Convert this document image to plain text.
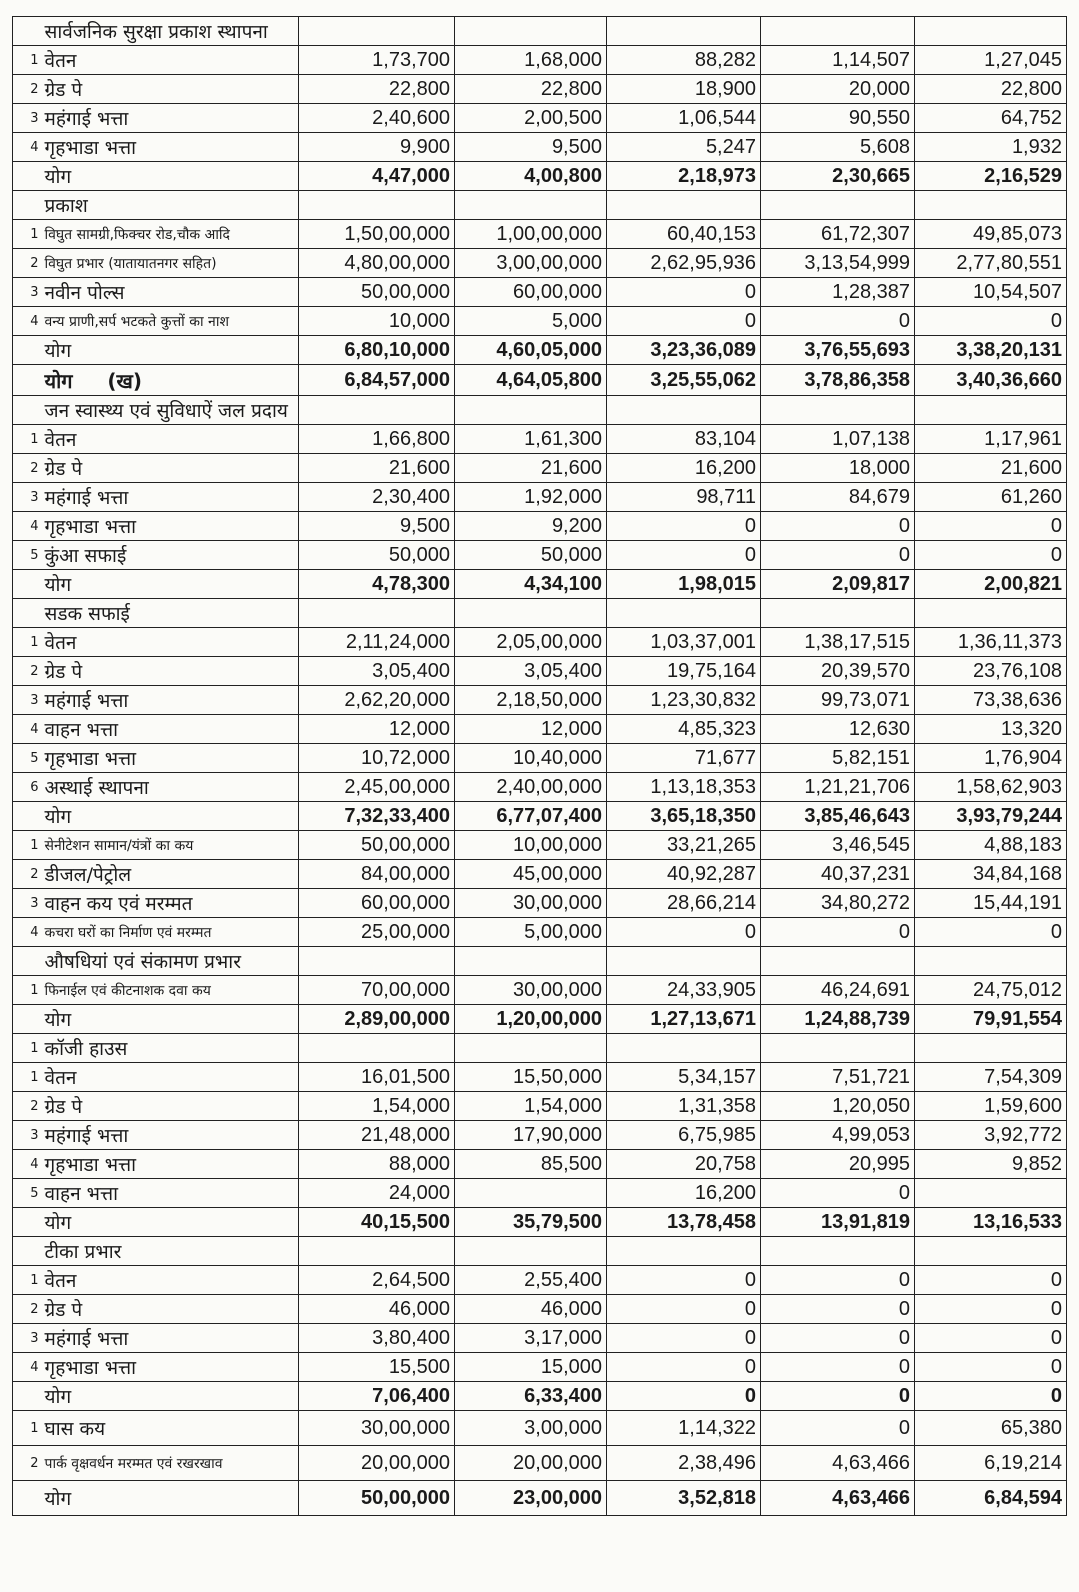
	सार्वजनिक सुरक्षा प्रकाश स्थापना					
1	वेतन	1,73,700	1,68,000	88,282	1,14,507	1,27,045
2	ग्रेड पे	22,800	22,800	18,900	20,000	22,800
3	महंगाई भत्ता	2,40,600	2,00,500	1,06,544	90,550	64,752
4	गृहभाडा भत्ता	9,900	9,500	5,247	5,608	1,932
	योग	4,47,000	4,00,800	2,18,973	2,30,665	2,16,529
	प्रकाश					
1	विघुत सामग्री,फिक्चर रोड,चौक आदि	1,50,00,000	1,00,00,000	60,40,153	61,72,307	49,85,073
2	विघुत प्रभार (यातायातनगर सहित)	4,80,00,000	3,00,00,000	2,62,95,936	3,13,54,999	2,77,80,551
3	नवीन पोल्स	50,00,000	60,00,000	0	1,28,387	10,54,507
4	वन्य प्राणी,सर्प भटकते कुत्तों का नाश	10,000	5,000	0	0	0
	योग	6,80,10,000	4,60,05,000	3,23,36,089	3,76,55,693	3,38,20,131
	योग     (ख)	6,84,57,000	4,64,05,800	3,25,55,062	3,78,86,358	3,40,36,660
	जन स्वास्थ्य एवं सुविधाऐं जल प्रदाय					
1	वेतन	1,66,800	1,61,300	83,104	1,07,138	1,17,961
2	ग्रेड पे	21,600	21,600	16,200	18,000	21,600
3	महंगाई भत्ता	2,30,400	1,92,000	98,711	84,679	61,260
4	गृहभाडा भत्ता	9,500	9,200	0	0	0
5	कुंआ सफाई	50,000	50,000	0	0	0
	योग	4,78,300	4,34,100	1,98,015	2,09,817	2,00,821
	सडक सफाई					
1	वेतन	2,11,24,000	2,05,00,000	1,03,37,001	1,38,17,515	1,36,11,373
2	ग्रेड पे	3,05,400	3,05,400	19,75,164	20,39,570	23,76,108
3	महंगाई भत्ता	2,62,20,000	2,18,50,000	1,23,30,832	99,73,071	73,38,636
4	वाहन भत्ता	12,000	12,000	4,85,323	12,630	13,320
5	गृहभाडा भत्ता	10,72,000	10,40,000	71,677	5,82,151	1,76,904
6	अस्थाई स्थापना	2,45,00,000	2,40,00,000	1,13,18,353	1,21,21,706	1,58,62,903
	योग	7,32,33,400	6,77,07,400	3,65,18,350	3,85,46,643	3,93,79,244
1	सेनीटेशन सामान/यंत्रों का कय	50,00,000	10,00,000	33,21,265	3,46,545	4,88,183
2	डीजल/पेट्रोल	84,00,000	45,00,000	40,92,287	40,37,231	34,84,168
3	वाहन कय एवं मरम्मत	60,00,000	30,00,000	28,66,214	34,80,272	15,44,191
4	कचरा घरों का निर्माण एवं मरम्मत	25,00,000	5,00,000	0	0	0
	औषधियां एवं संकामण प्रभार					
1	फिनाईल एवं कीटनाशक दवा कय	70,00,000	30,00,000	24,33,905	46,24,691	24,75,012
	योग	2,89,00,000	1,20,00,000	1,27,13,671	1,24,88,739	79,91,554
1	कॉजी हाउस					
1	वेतन	16,01,500	15,50,000	5,34,157	7,51,721	7,54,309
2	ग्रेड पे	1,54,000	1,54,000	1,31,358	1,20,050	1,59,600
3	महंगाई भत्ता	21,48,000	17,90,000	6,75,985	4,99,053	3,92,772
4	गृहभाडा भत्ता	88,000	85,500	20,758	20,995	9,852
5	वाहन भत्ता	24,000		16,200	0	
	योग	40,15,500	35,79,500	13,78,458	13,91,819	13,16,533
	टीका प्रभार					
1	वेतन	2,64,500	2,55,400	0	0	0
2	ग्रेड पे	46,000	46,000	0	0	0
3	महंगाई भत्ता	3,80,400	3,17,000	0	0	0
4	गृहभाडा भत्ता	15,500	15,000	0	0	0
	योग	7,06,400	6,33,400	0	0	0
1	घास कय	30,00,000	3,00,000	1,14,322	0	65,380
2	पार्क वृक्षवर्धन मरम्मत एवं रखरखाव	20,00,000	20,00,000	2,38,496	4,63,466	6,19,214
	योग	50,00,000	23,00,000	3,52,818	4,63,466	6,84,594
